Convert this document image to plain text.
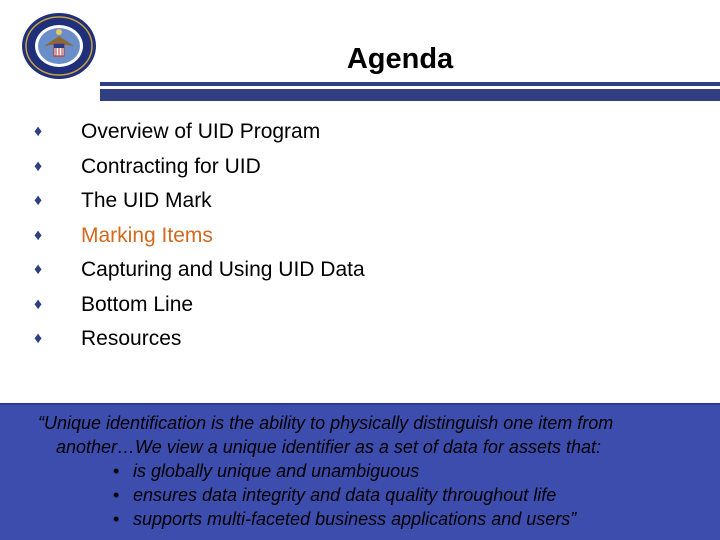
Agenda
♦	Overview of UID Program
♦	Contracting for UID
♦	The UID Mark
♦	Marking Items
♦	Capturing and Using UID Data
♦	Bottom Line
♦	Resources
“Unique identification is the ability to physically distinguish one item from
another…We view a unique identifier as a set of data for assets that:
• is globally unique and unambiguous
• ensures data integrity and data quality throughout life
• supports multi-faceted business applications and users”
